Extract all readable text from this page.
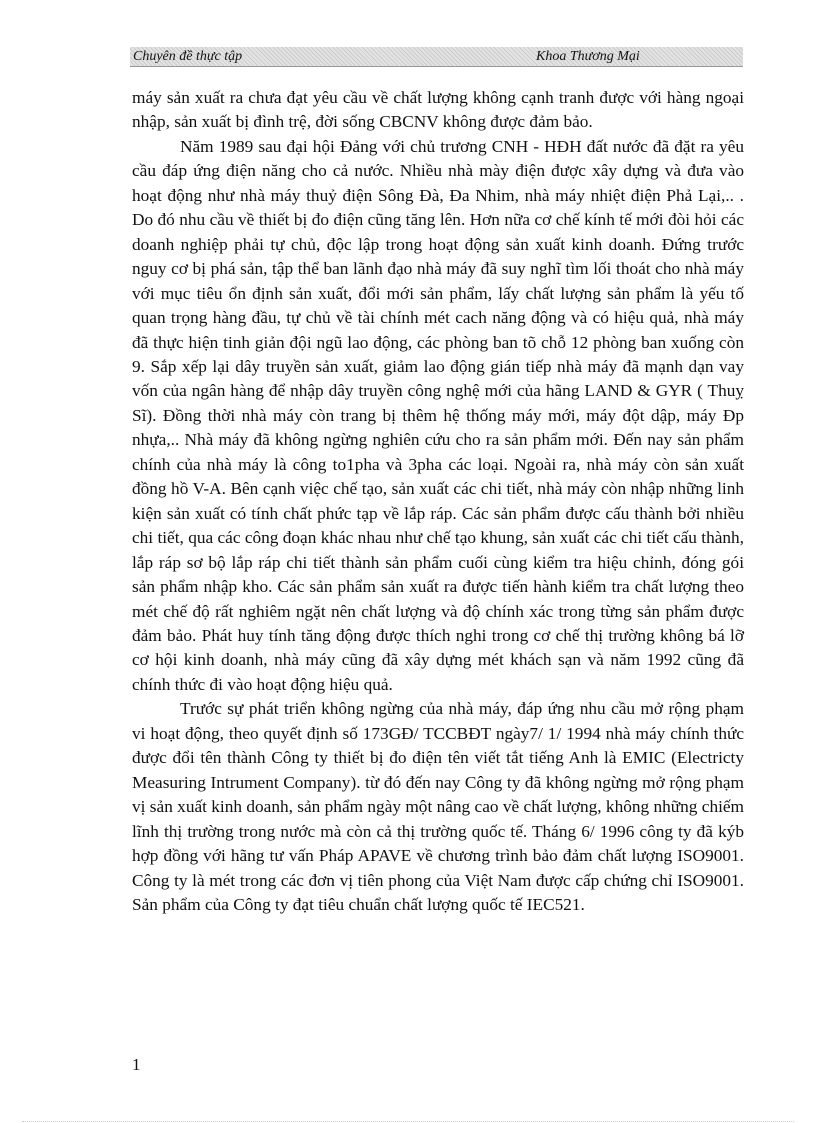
Chuyên đề thực tập	Khoa Thương Mại

máy sản xuất ra chưa đạt yêu cầu về chất lượng không cạnh tranh được với hàng ngoại nhập, sản xuất bị đình trệ, đời sống CBCNV không được đảm bảo.

Năm 1989 sau đại hội Đảng với chủ trương CNH - HĐH đất nước đã đặt ra yêu cầu đáp ứng điện năng cho cả nước. Nhiều nhà mày điện được xây dựng và đưa vào hoạt động như nhà máy thuỷ điện Sông Đà, Đa Nhim, nhà máy nhiệt điện Phả Lại,.. . Do đó nhu cầu về thiết bị đo điện cũng tăng lên. Hơn nữa cơ chế kính tế mới đòi hỏi các doanh nghiệp phải tự chủ, độc lập trong hoạt động sản xuất kinh doanh. Đứng trước nguy cơ bị phá sản, tập thể ban lãnh đạo nhà máy đã suy nghĩ tìm lối thoát cho nhà máy với mục tiêu ổn định sản xuất, đổi mới sản phẩm, lấy chất lượng sản phẩm là yếu tố quan trọng hàng đầu, tự chủ về tài chính mét cach năng động và có hiệu quả, nhà máy đã thực hiện tinh giản đội ngũ lao động, các phòng ban tõ chỗ 12 phòng ban xuống còn 9. Sắp xếp lại dây truyền sản xuất, giảm lao động gián tiếp nhà máy đã mạnh dạn vay vốn của ngân hàng để nhập dây truyền công nghệ mới của hãng LAND & GYR ( Thuỵ Sĩ). Đồng thời nhà máy còn trang bị thêm hệ thống máy mới, máy đột dập, máy Đp nhựa,.. Nhà máy đã không ngừng nghiên cứu cho ra sản phẩm mới. Đến nay sản phẩm chính của nhà máy là công to1pha và 3pha các loại. Ngoài ra, nhà máy còn sản xuất đồng hồ V-A. Bên cạnh việc chế tạo, sản xuất các chi tiết, nhà máy còn nhập những linh kiện sản xuất có tính chất phức tạp về lắp ráp. Các sản phẩm được cấu thành bởi nhiều chi tiết, qua các công đoạn khác nhau như chế tạo khung, sản xuất các chi tiết cấu thành, lắp ráp sơ bộ lắp ráp chi tiết thành sản phẩm cuối cùng kiểm tra hiệu chỉnh, đóng gói sản phẩm nhập kho. Các sản phẩm sản xuất ra được tiến hành kiểm tra chất lượng theo mét chế độ rất nghiêm ngặt nên chất lượng và độ chính xác trong từng sản phẩm được đảm bảo. Phát huy tính tăng động được thích nghi trong cơ chế thị trường không bá lỡ cơ hội kinh doanh, nhà máy cũng đã xây dựng mét khách sạn và năm 1992 cũng đã chính thức đi vào hoạt động hiệu quả.

Trước sự phát triển không ngừng của nhà máy, đáp ứng nhu cầu mở rộng phạm vi hoạt động, theo quyết định số 173GĐ/ TCCBĐT ngày7/ 1/ 1994 nhà máy chính thức được đổi tên thành Công ty thiết bị đo điện tên viết tắt tiếng Anh là EMIC (Electricty Measuring Intrument Company). từ đó đến nay Công ty đã không ngừng mở rộng phạm vị sản xuất kinh doanh, sản phẩm ngày một nâng cao về chất lượng, không những chiếm lĩnh thị trường trong nước mà còn cả thị trường quốc tế. Tháng 6/ 1996 công ty đã kýb hợp đồng với hãng tư vấn Pháp APAVE về chương trình bảo đảm chất lượng ISO9001. Công ty là mét trong các đơn vị tiên phong của Việt Nam được cấp chứng chỉ ISO9001. Sản phẩm của Công ty đạt tiêu chuẩn chất lượng quốc tế IEC521.

1
